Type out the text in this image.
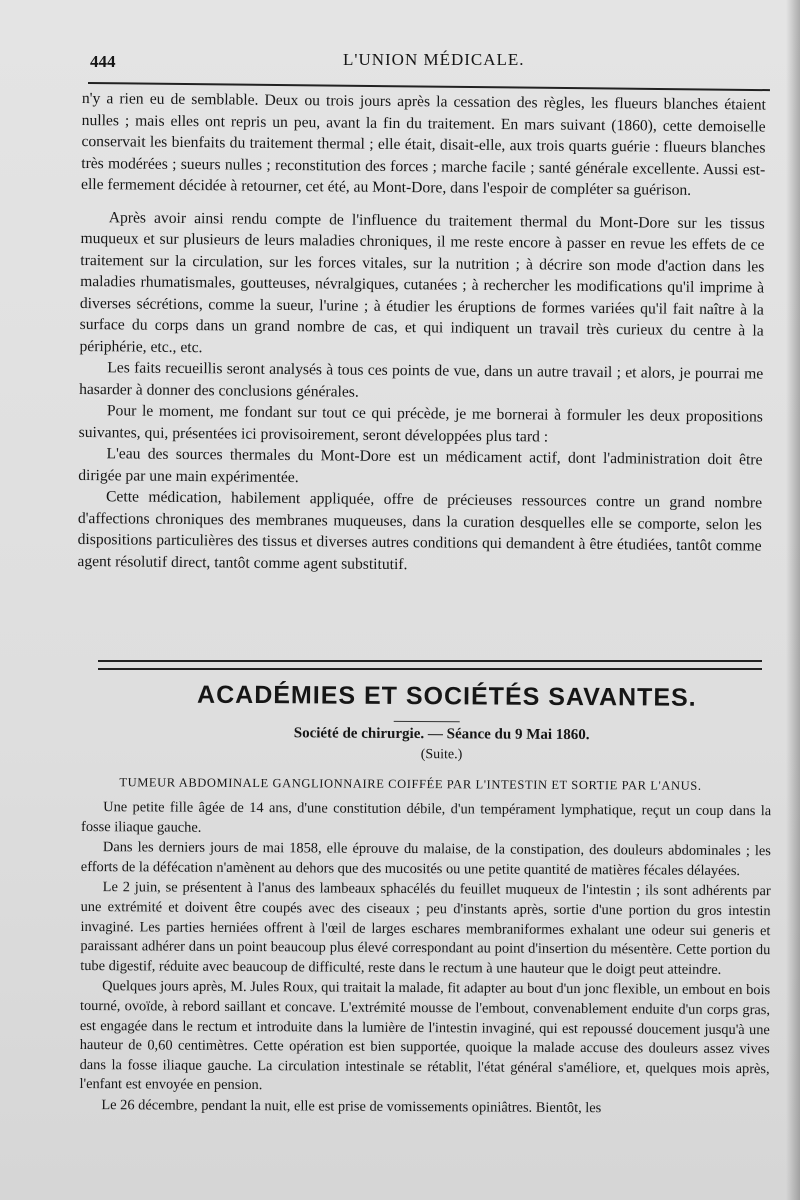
444	L'UNION MÉDICALE.

n'y a rien eu de semblable. Deux ou trois jours après la cessation des règles, les flueurs blanches étaient nulles ; mais elles ont repris un peu, avant la fin du traitement. En mars suivant (1860), cette demoiselle conservait les bienfaits du traitement thermal ; elle était, disait-elle, aux trois quarts guérie : flueurs blanches très modérées ; sueurs nulles ; reconstitution des forces ; marche facile ; santé générale excellente. Aussi est-elle fermement décidée à retourner, cet été, au Mont-Dore, dans l'espoir de compléter sa guérison.

Après avoir ainsi rendu compte de l'influence du traitement thermal du Mont-Dore sur les tissus muqueux et sur plusieurs de leurs maladies chroniques, il me reste encore à passer en revue les effets de ce traitement sur la circulation, sur les forces vitales, sur la nutrition ; à décrire son mode d'action dans les maladies rhumatismales, goutteuses, névralgiques, cutanées ; à rechercher les modifications qu'il imprime à diverses sécrétions, comme la sueur, l'urine ; à étudier les éruptions de formes variées qu'il fait naître à la surface du corps dans un grand nombre de cas, et qui indiquent un travail très curieux du centre à la périphérie, etc., etc.

Les faits recueillis seront analysés à tous ces points de vue, dans un autre travail ; et alors, je pourrai me hasarder à donner des conclusions générales.

Pour le moment, me fondant sur tout ce qui précède, je me bornerai à formuler les deux propositions suivantes, qui, présentées ici provisoirement, seront développées plus tard :

L'eau des sources thermales du Mont-Dore est un médicament actif, dont l'administration doit être dirigée par une main expérimentée.

Cette médication, habilement appliquée, offre de précieuses ressources contre un grand nombre d'affections chroniques des membranes muqueuses, dans la curation desquelles elle se comporte, selon les dispositions particulières des tissus et diverses autres conditions qui demandent à être étudiées, tantôt comme agent résolutif direct, tantôt comme agent substitutif.

ACADÉMIES ET SOCIÉTÉS SAVANTES.
Société de chirurgie. — Séance du 9 Mai 1860.
(Suite.)
TUMEUR ABDOMINALE GANGLIONNAIRE COIFFÉE PAR L'INTESTIN ET SORTIE PAR L'ANUS.

Une petite fille âgée de 14 ans, d'une constitution débile, d'un tempérament lymphatique, reçut un coup dans la fosse iliaque gauche.

Dans les derniers jours de mai 1858, elle éprouve du malaise, de la constipation, des douleurs abdominales ; les efforts de la défécation n'amènent au dehors que des mucosités ou une petite quantité de matières fécales délayées.

Le 2 juin, se présentent à l'anus des lambeaux sphacélés du feuillet muqueux de l'intestin ; ils sont adhérents par une extrémité et doivent être coupés avec des ciseaux ; peu d'instants après, sortie d'une portion du gros intestin invaginé. Les parties herniées offrent à l'œil de larges eschares membraniformes exhalant une odeur sui generis et paraissant adhérer dans un point beaucoup plus élevé correspondant au point d'insertion du mésentère. Cette portion du tube digestif, réduite avec beaucoup de difficulté, reste dans le rectum à une hauteur que le doigt peut atteindre.

Quelques jours après, M. Jules Roux, qui traitait la malade, fit adapter au bout d'un jonc flexible, un embout en bois tourné, ovoïde, à rebord saillant et concave. L'extrémité mousse de l'embout, convenablement enduite d'un corps gras, est engagée dans le rectum et introduite dans la lumière de l'intestin invaginé, qui est repoussé doucement jusqu'à une hauteur de 0,60 centimètres. Cette opération est bien supportée, quoique la malade accuse des douleurs assez vives dans la fosse iliaque gauche. La circulation intestinale se rétablit, l'état général s'améliore, et, quelques mois après, l'enfant est envoyée en pension.

Le 26 décembre, pendant la nuit, elle est prise de vomissements opiniâtres. Bientôt, les
